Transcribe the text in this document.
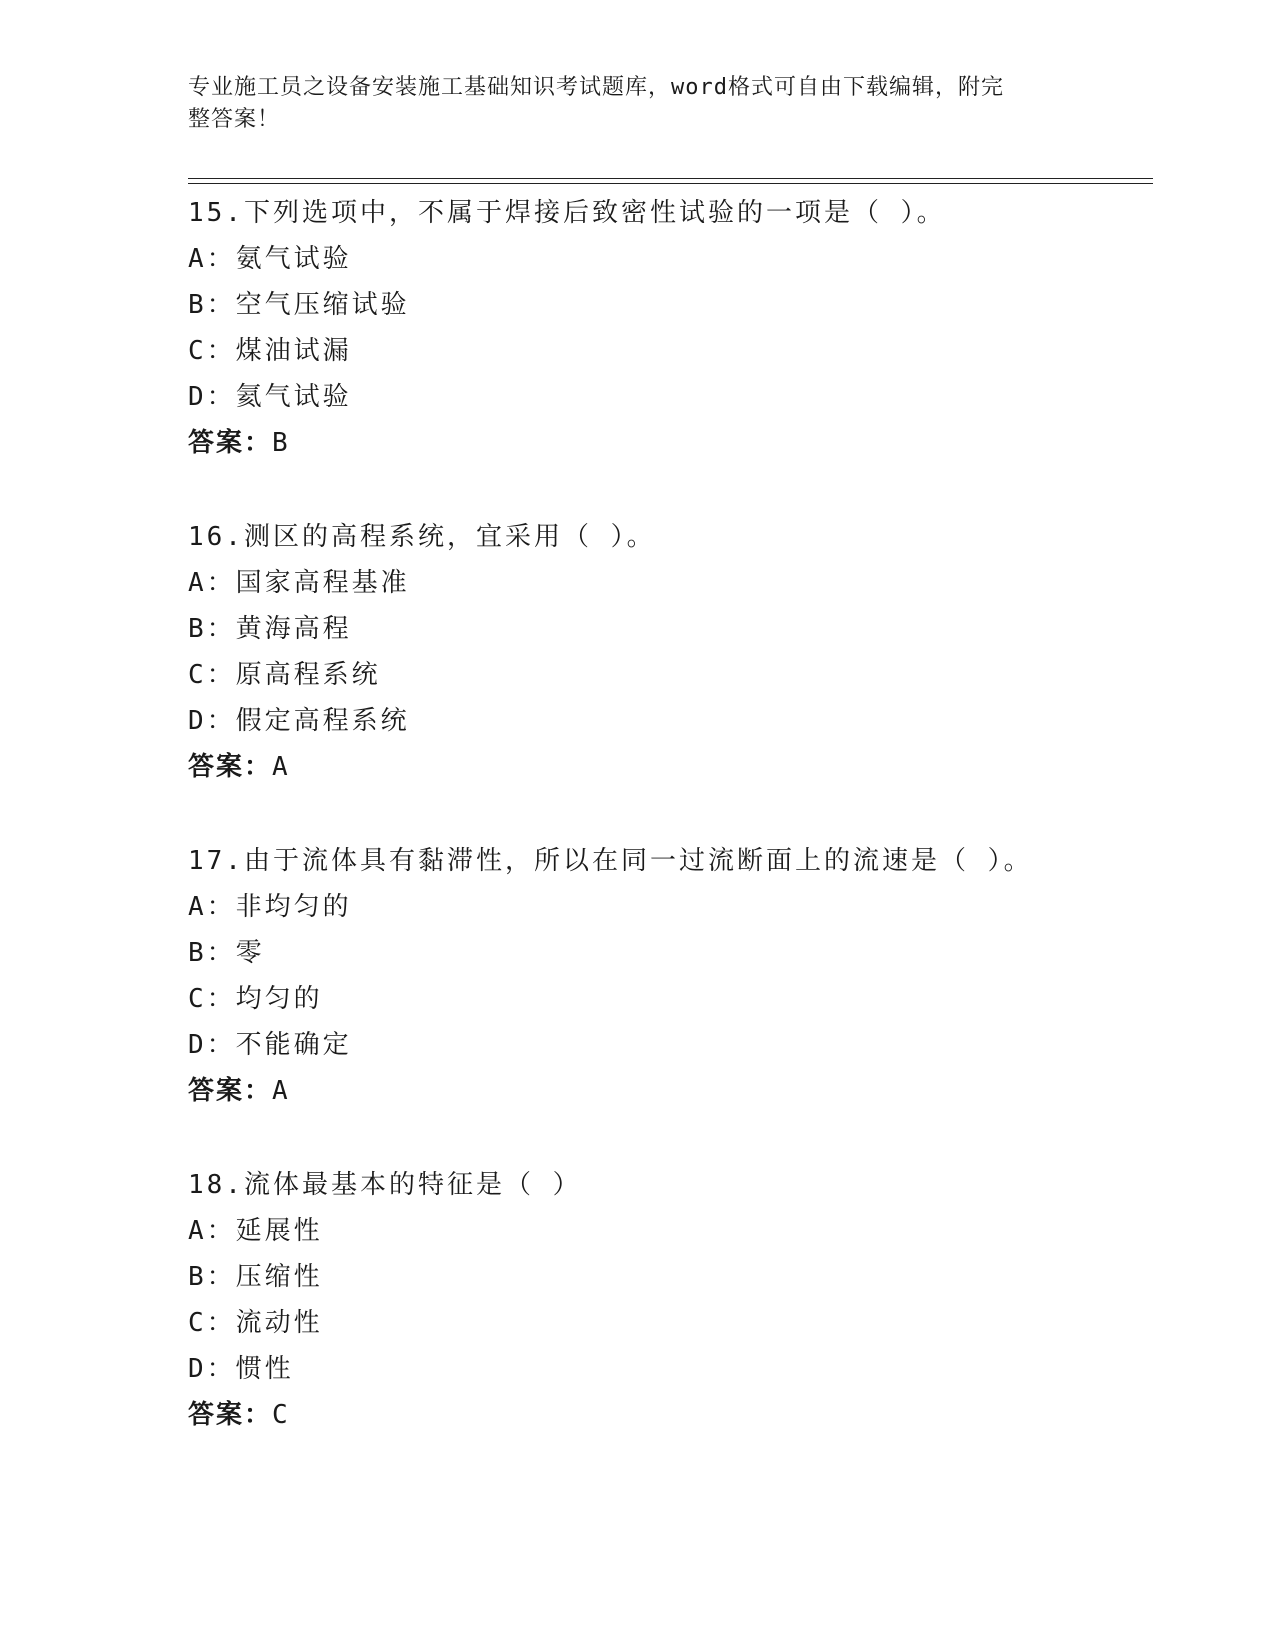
专业施工员之设备安装施工基础知识考试题库，word格式可自由下载编辑，附完
整答案！
15.下列选项中，不属于焊接后致密性试验的一项是（ ）。
A：氨气试验
B：空气压缩试验
C：煤油试漏
D：氦气试验
答案：B
16.测区的高程系统，宜采用（ ）。
A：国家高程基准
B：黄海高程
C：原高程系统
D：假定高程系统
答案：A
17.由于流体具有黏滞性，所以在同一过流断面上的流速是（ ）。
A：非均匀的
B：零
C：均匀的
D：不能确定
答案：A
18.流体最基本的特征是（ ）
A：延展性
B：压缩性
C：流动性
D：惯性
答案：C
